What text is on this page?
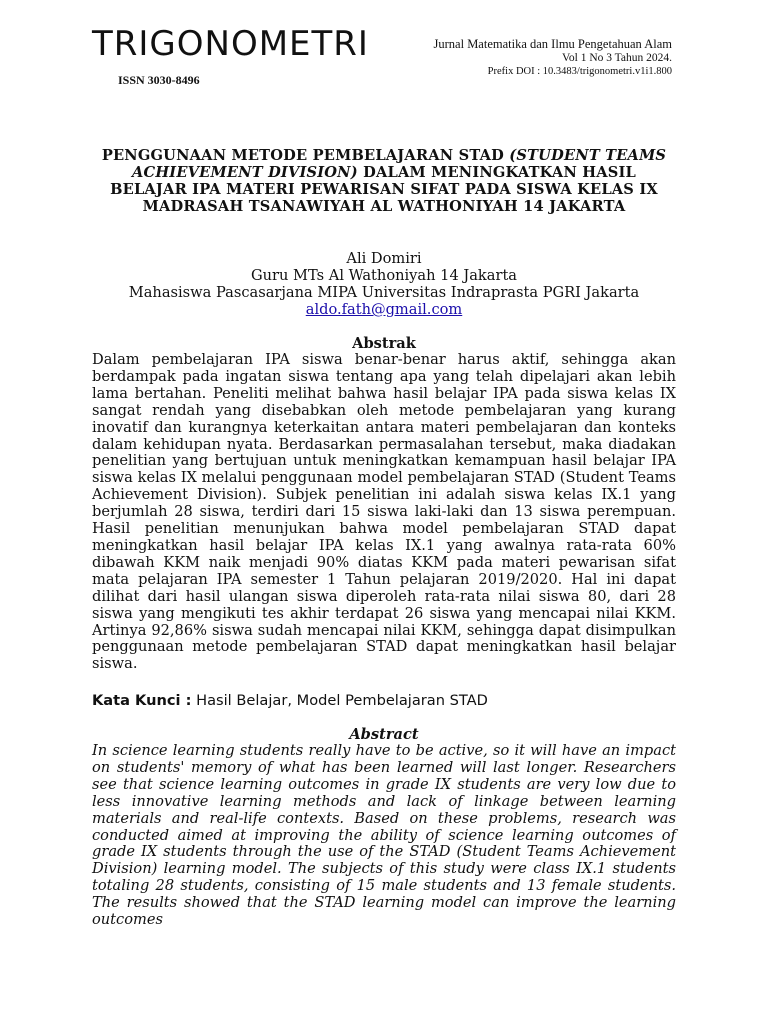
TRIGONOMETRI
ISSN 3030-8496
Jurnal Matematika dan Ilmu Pengetahuan Alam
Vol 1 No 3 Tahun 2024.
Prefix DOI : 10.3483/trigonometri.v1i1.800
PENGGUNAAN METODE PEMBELAJARAN STAD (STUDENT TEAMS ACHIEVEMENT DIVISION) DALAM MENINGKATKAN HASIL BELAJAR IPA MATERI PEWARISAN SIFAT PADA SISWA KELAS IX MADRASAH TSANAWIYAH AL WATHONIYAH 14 JAKARTA
Ali Domiri
Guru MTs Al Wathoniyah 14 Jakarta
Mahasiswa Pascasarjana MIPA Universitas Indraprasta PGRI Jakarta
aldo.fath@gmail.com
Abstrak
Dalam pembelajaran IPA siswa benar-benar harus aktif, sehingga akan berdampak pada ingatan siswa tentang apa yang telah dipelajari akan lebih lama bertahan. Peneliti melihat bahwa hasil belajar IPA pada siswa kelas IX sangat rendah yang disebabkan oleh metode pembelajaran yang kurang inovatif dan kurangnya keterkaitan antara materi pembelajaran dan konteks dalam kehidupan nyata. Berdasarkan permasalahan tersebut, maka diadakan penelitian yang bertujuan untuk meningkatkan kemampuan hasil belajar IPA siswa kelas IX melalui penggunaan model pembelajaran STAD (Student Teams Achievement Division). Subjek penelitian ini adalah siswa kelas IX.1 yang berjumlah 28 siswa, terdiri dari 15 siswa laki-laki dan 13 siswa perempuan. Hasil penelitian menunjukan bahwa model pembelajaran STAD dapat meningkatkan hasil belajar IPA kelas IX.1 yang awalnya rata-rata 60% dibawah KKM naik menjadi 90% diatas KKM pada materi pewarisan sifat mata pelajaran IPA semester 1 Tahun pelajaran 2019/2020. Hal ini dapat dilihat dari hasil ulangan siswa diperoleh rata-rata nilai siswa 80, dari 28 siswa yang mengikuti tes akhir terdapat 26 siswa yang mencapai nilai KKM. Artinya 92,86% siswa sudah mencapai nilai KKM, sehingga dapat disimpulkan penggunaan metode pembelajaran STAD dapat meningkatkan hasil belajar siswa.
Kata Kunci : Hasil Belajar, Model Pembelajaran STAD
Abstract
In science learning students really have to be active, so it will have an impact on students' memory of what has been learned will last longer. Researchers see that science learning outcomes in grade IX students are very low due to less innovative learning methods and lack of linkage between learning materials and real-life contexts. Based on these problems, research was conducted aimed at improving the ability of science learning outcomes of grade IX students through the use of the STAD (Student Teams Achievement Division) learning model. The subjects of this study were class IX.1 students totaling 28 students, consisting of 15 male students and 13 female students. The results showed that the STAD learning model can improve the learning outcomes
